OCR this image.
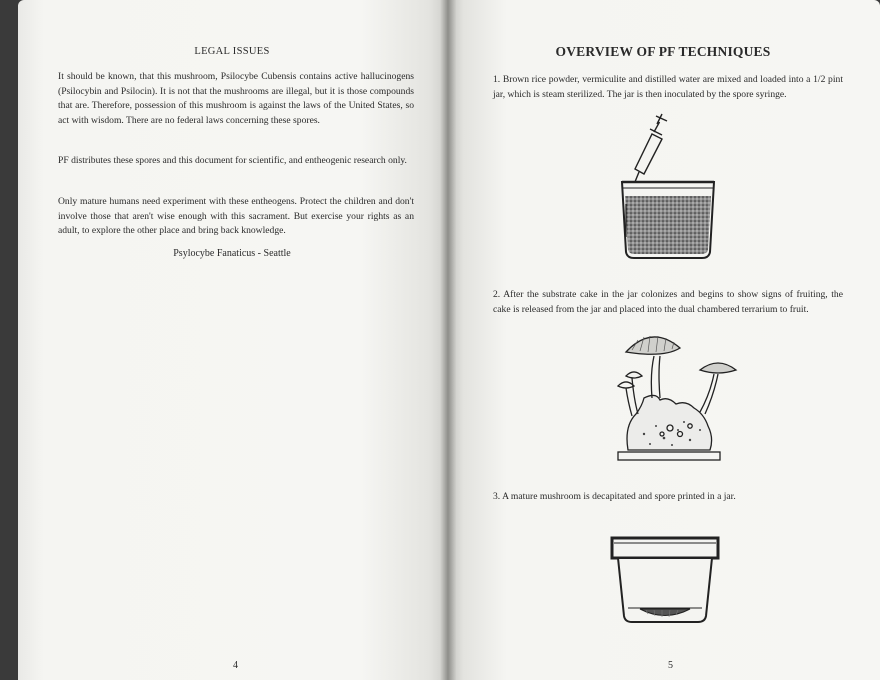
LEGAL ISSUES
It should be known, that this mushroom, Psilocybe Cubensis contains active hallucinogens (Psilocybin and Psilocin). It is not that the mushrooms are illegal, but it is those compounds that are. Therefore, possession of this mushroom is against the laws of the United States, so act with wisdom. There are no federal laws concerning these spores.
PF distributes these spores and this document for scientific, and entheogenic research only.
Only mature humans need experiment with these entheogens. Protect the children and don't involve those that aren't wise enough with this sacrament. But exercise your rights as an adult, to explore the other place and bring back knowledge.
Psylocybe Fanaticus - Seattle
4
OVERVIEW OF PF TECHNIQUES
1. Brown rice powder, vermiculite and distilled water are mixed and loaded into a 1/2 pint jar, which is steam sterilized. The jar is then inoculated by the spore syringe.
2. After the substrate cake in the jar colonizes and begins to show signs of fruiting, the cake is released from the jar and placed into the dual chambered terrarium to fruit.
3. A mature mushroom is decapitated and spore printed in a jar.
5
